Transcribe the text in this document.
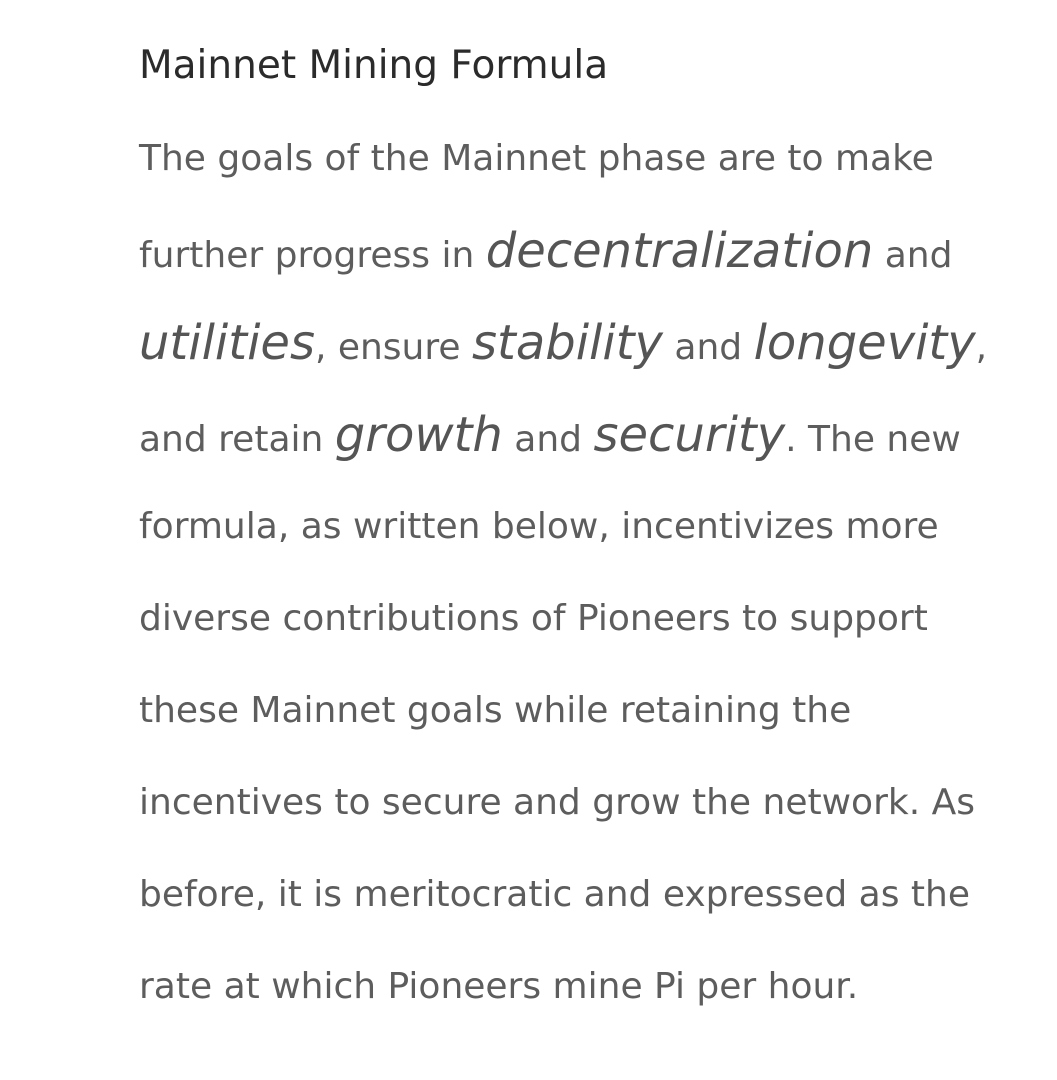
Mainnet Mining Formula

The goals of the Mainnet phase are to make

further progress in decentralization and

utilities, ensure stability and longevity,

and retain growth and security. The new

formula, as written below, incentivizes more

diverse contributions of Pioneers to support

these Mainnet goals while retaining the

incentives to secure and grow the network. As

before, it is meritocratic and expressed as the

rate at which Pioneers mine Pi per hour.
